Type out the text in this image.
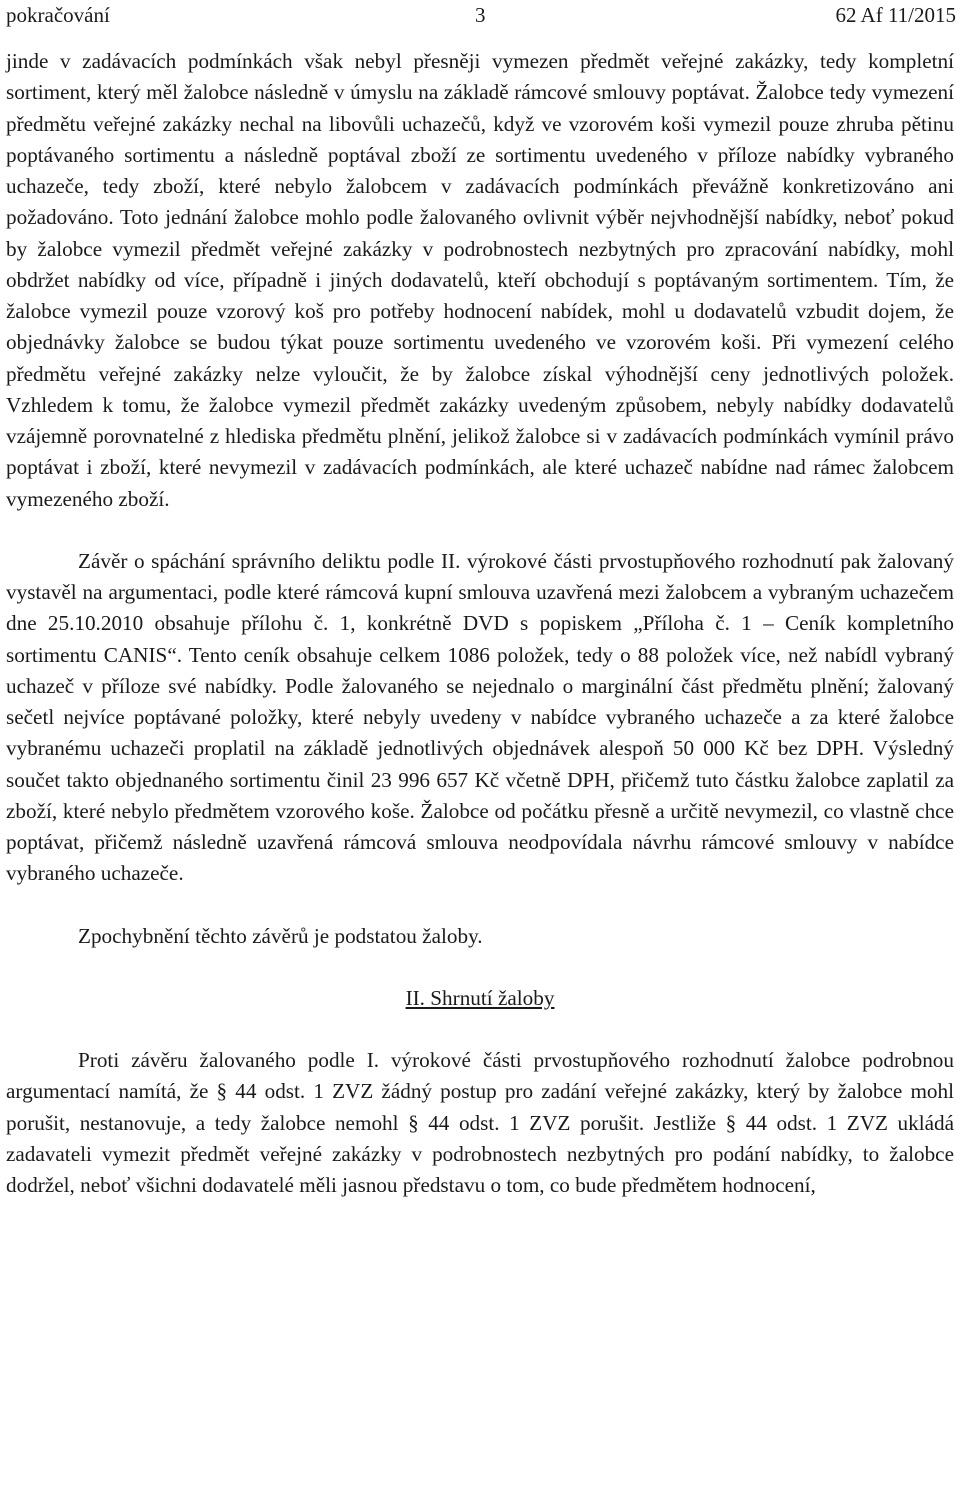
pokračování	3	62 Af 11/2015

jinde v zadávacích podmínkách však nebyl přesněji vymezen předmět veřejné zakázky, tedy kompletní sortiment, který měl žalobce následně v úmyslu na základě rámcové smlouvy poptávat. Žalobce tedy vymezení předmětu veřejné zakázky nechal na libovůli uchazečů, když ve vzorovém koši vymezil pouze zhruba pětinu poptávaného sortimentu a následně poptával zboží ze sortimentu uvedeného v příloze nabídky vybraného uchazeče, tedy zboží, které nebylo žalobcem v zadávacích podmínkách převážně konkretizováno ani požadováno. Toto jednání žalobce mohlo podle žalovaného ovlivnit výběr nejvhodnější nabídky, neboť pokud by žalobce vymezil předmět veřejné zakázky v podrobnostech nezbytných pro zpracování nabídky, mohl obdržet nabídky od více, případně i jiných dodavatelů, kteří obchodují s poptávaným sortimentem. Tím, že žalobce vymezil pouze vzorový koš pro potřeby hodnocení nabídek, mohl u dodavatelů vzbudit dojem, že objednávky žalobce se budou týkat pouze sortimentu uvedeného ve vzorovém koši. Při vymezení celého předmětu veřejné zakázky nelze vyloučit, že by žalobce získal výhodnější ceny jednotlivých položek. Vzhledem k tomu, že žalobce vymezil předmět zakázky uvedeným způsobem, nebyly nabídky dodavatelů vzájemně porovnatelné z hlediska předmětu plnění, jelikož žalobce si v zadávacích podmínkách vymínil právo poptávat i zboží, které nevymezil v zadávacích podmínkách, ale které uchazeč nabídne nad rámec žalobcem vymezeného zboží.

Závěr o spáchání správního deliktu podle II. výrokové části prvostupňového rozhodnutí pak žalovaný vystavěl na argumentaci, podle které rámcová kupní smlouva uzavřená mezi žalobcem a vybraným uchazečem dne 25.10.2010 obsahuje přílohu č. 1, konkrétně DVD s popiskem „Příloha č. 1 – Ceník kompletního sortimentu CANIS“. Tento ceník obsahuje celkem 1086 položek, tedy o 88 položek více, než nabídl vybraný uchazeč v příloze své nabídky. Podle žalovaného se nejednalo o marginální část předmětu plnění; žalovaný sečetl nejvíce poptávané položky, které nebyly uvedeny v nabídce vybraného uchazeče a za které žalobce vybranému uchazeči proplatil na základě jednotlivých objednávek alespoň 50 000 Kč bez DPH. Výsledný součet takto objednaného sortimentu činil 23 996 657 Kč včetně DPH, přičemž tuto částku žalobce zaplatil za zboží, které nebylo předmětem vzorového koše. Žalobce od počátku přesně a určitě nevymezil, co vlastně chce poptávat, přičemž následně uzavřená rámcová smlouva neodpovídala návrhu rámcové smlouvy v nabídce vybraného uchazeče.

Zpochybnění těchto závěrů je podstatou žaloby.

II. Shrnutí žaloby

Proti závěru žalovaného podle I. výrokové části prvostupňového rozhodnutí žalobce podrobnou argumentací namítá, že § 44 odst. 1 ZVZ žádný postup pro zadání veřejné zakázky, který by žalobce mohl porušit, nestanovuje, a tedy žalobce nemohl § 44 odst. 1 ZVZ porušit. Jestliže § 44 odst. 1 ZVZ ukládá zadavateli vymezit předmět veřejné zakázky v podrobnostech nezbytných pro podání nabídky, to žalobce dodržel, neboť všichni dodavatelé měli jasnou představu o tom, co bude předmětem hodnocení,
